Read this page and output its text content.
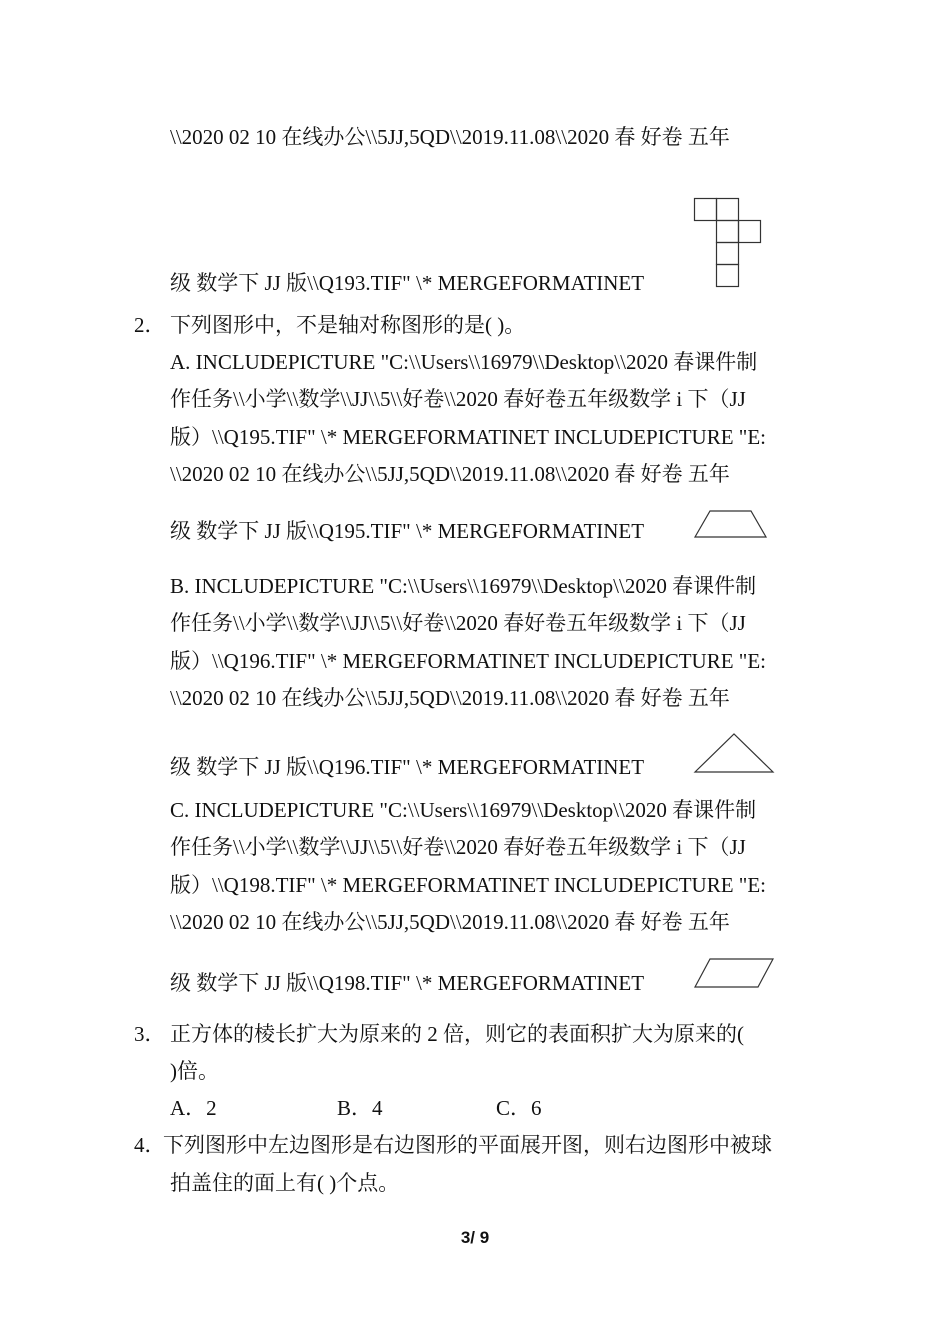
\\2020 02 10 在线办公\\5JJ,5QD\\2019.11.08\\2020 春 好卷 五年
级 数学下 JJ 版\\Q193.TIF" \* MERGEFORMATINET
2． 下列图形中，不是轴对称图形的是( )。
A. INCLUDEPICTURE "C:\\Users\\16979\\Desktop\\2020 春课件制
作任务\\小学\\数学\\JJ\\5\\好卷\\2020 春好卷五年级数学 i 下（JJ
版）\\Q195.TIF" \* MERGEFORMATINET INCLUDEPICTURE "E:
\\2020 02 10 在线办公\\5JJ,5QD\\2019.11.08\\2020 春 好卷 五年
级 数学下 JJ 版\\Q195.TIF" \* MERGEFORMATINET
B. INCLUDEPICTURE "C:\\Users\\16979\\Desktop\\2020 春课件制
作任务\\小学\\数学\\JJ\\5\\好卷\\2020 春好卷五年级数学 i 下（JJ
版）\\Q196.TIF" \* MERGEFORMATINET INCLUDEPICTURE "E:
\\2020 02 10 在线办公\\5JJ,5QD\\2019.11.08\\2020 春 好卷 五年
级 数学下 JJ 版\\Q196.TIF" \* MERGEFORMATINET
C. INCLUDEPICTURE "C:\\Users\\16979\\Desktop\\2020 春课件制
作任务\\小学\\数学\\JJ\\5\\好卷\\2020 春好卷五年级数学 i 下（JJ
版）\\Q198.TIF" \* MERGEFORMATINET INCLUDEPICTURE "E:
\\2020 02 10 在线办公\\5JJ,5QD\\2019.11.08\\2020 春 好卷 五年
级 数学下 JJ 版\\Q198.TIF" \* MERGEFORMATINET
3． 正方体的棱长扩大为原来的 2 倍，则它的表面积扩大为原来的(
)倍。
A．2	B．4	C．6
4．
下列图形中左边图形是右边图形的平面展开图，则右边图形中被球
拍盖住的面上有( )个点。
3/ 9
